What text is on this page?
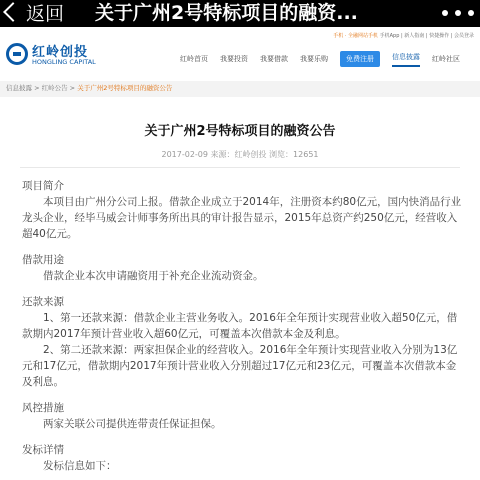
返回 关于广州2号特标项目的融资...
红岭创投
HONGLING CAPITAL
手机 · 全融网站手机 手机App | 新人指南 | 快捷操作 | 会员登录
红岭首页 我要投资 我要借款 我要乐购	免费注册	信息披露 红岭社区
信息披露 > 红岭公告 > 关于广州2号特标项目的融资公告
关于广州2号特标项目的融资公告
2017-02-09 来源：红岭创投 浏览：12651
项目简介

本项目由广州分公司上报。借款企业成立于2014年，注册资本约80亿元，国内快消品行业龙头企业，经毕马威会计师事务所出具的审计报告显示，2015年总资产约250亿元，经营收入超40亿元。

借款用途

借款企业本次申请融资用于补充企业流动资金。

还款来源

1、第一还款来源：借款企业主营业务收入。2016年全年预计实现营业收入超50亿元，借款期内2017年预计营业收入超60亿元，可覆盖本次借款本金及利息。

2、第二还款来源：两家担保企业的经营收入。2016年全年预计实现营业收入分别为13亿元和17亿元，借款期内2017年预计营业收入分别超过17亿元和23亿元，可覆盖本次借款本金及利息。

风控措施

两家关联公司提供连带责任保证担保。

发标详情

发标信息如下：
